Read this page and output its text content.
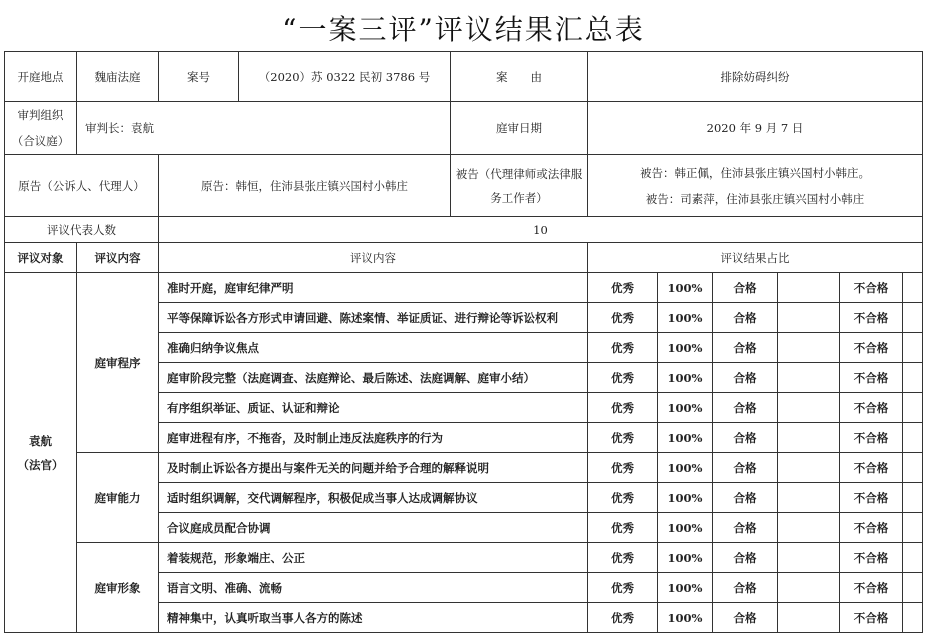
“一案三评”评议结果汇总表
开庭地点	魏庙法庭	案号	（2020）苏 0322 民初 3786 号	案　　由	排除妨碍纠纷					
审判组织（合议庭）	审判长：袁航			庭审日期	2020 年 9 月 7 日					
原告（公诉人、代理人）		原告：韩恒，住沛县张庄镇兴国村小韩庄		被告（代理律师或法律服务工作者）	被告：韩正佩，住沛县张庄镇兴国村小韩庄。
被告：司素萍，住沛县张庄镇兴国村小韩庄					

评议代表人数		10								
评议对象	评议内容	评议内容			评议结果占比					

袁航
（法官）	庭审程序	准时开庭，庭审纪律严明			优秀	100%	合格		不合格	
		平等保障诉讼各方形式申请回避、陈述案情、举证质证、进行辩论等诉讼权利			优秀	100%	合格		不合格	
		准确归纳争议焦点			优秀	100%	合格		不合格	
		庭审阶段完整（法庭调查、法庭辩论、最后陈述、法庭调解、庭审小结）			优秀	100%	合格		不合格	
		有序组织举证、质证、认证和辩论			优秀	100%	合格		不合格	
		庭审进程有序，不拖沓，及时制止违反法庭秩序的行为			优秀	100%	合格		不合格	
	庭审能力	及时制止诉讼各方提出与案件无关的问题并给予合理的解释说明			优秀	100%	合格		不合格	
		适时组织调解，交代调解程序，积极促成当事人达成调解协议			优秀	100%	合格		不合格	
		合议庭成员配合协调			优秀	100%	合格		不合格	
	庭审形象	着装规范，形象端庄、公正			优秀	100%	合格		不合格	
		语言文明、准确、流畅			优秀	100%	合格		不合格	
		精神集中，认真听取当事人各方的陈述			优秀	100%	合格		不合格	
